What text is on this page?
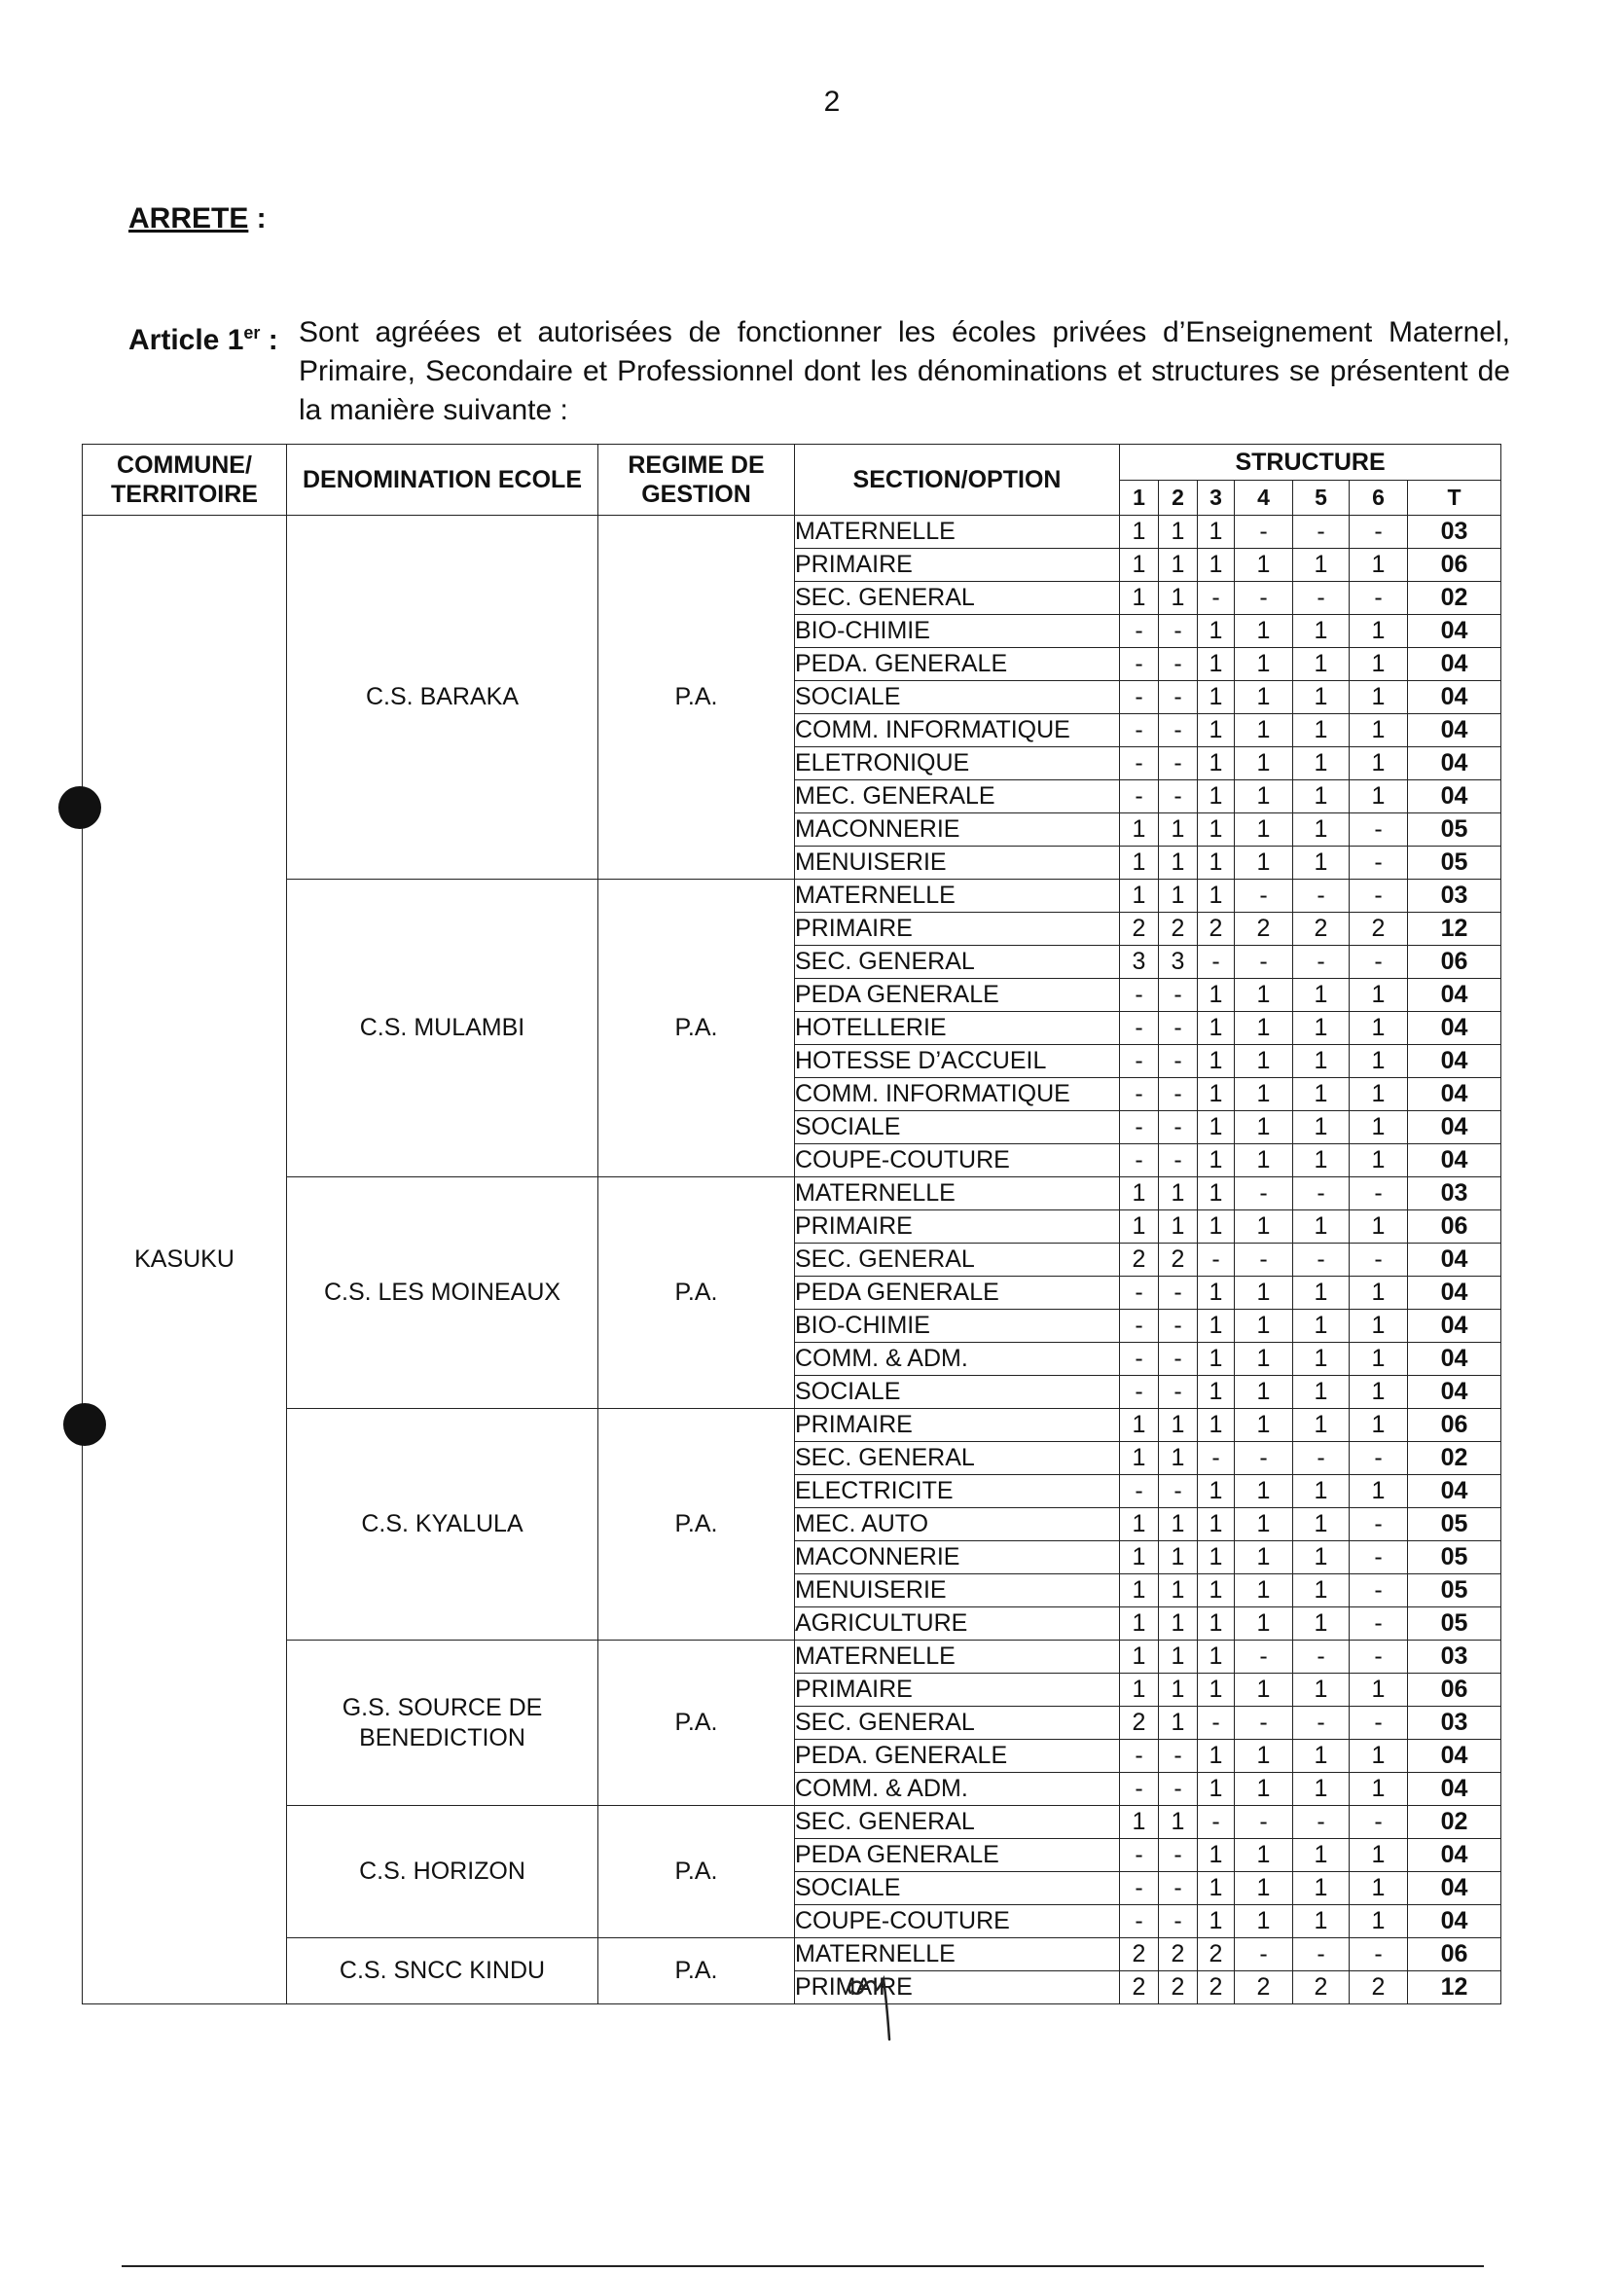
2
ARRETE :
Article 1er : Sont agréées et autorisées de fonctionner les écoles privées d’Enseignement Maternel, Primaire, Secondaire et Professionnel dont les dénominations et structures se présentent de la manière suivante :
COMMUNE/ TERRITOIRE	DENOMINATION ECOLE	REGIME DE GESTION	SECTION/OPTION	STRUCTURE						
				1	2	3	4	5	6	T
KASUKU	C.S. BARAKA	P.A.	MATERNELLE	1	1	1	-	-	-	03
			PRIMAIRE	1	1	1	1	1	1	06
			SEC. GENERAL	1	1	-	-	-	-	02
			BIO-CHIMIE	-	-	1	1	1	1	04
			PEDA. GENERALE	-	-	1	1	1	1	04
			SOCIALE	-	-	1	1	1	1	04
			COMM. INFORMATIQUE	-	-	1	1	1	1	04
			ELETRONIQUE	-	-	1	1	1	1	04
			MEC. GENERALE	-	-	1	1	1	1	04
			MACONNERIE	1	1	1	1	1	-	05
			MENUISERIE	1	1	1	1	1	-	05
	C.S. MULAMBI	P.A.	MATERNELLE	1	1	1	-	-	-	03
			PRIMAIRE	2	2	2	2	2	2	12
			SEC. GENERAL	3	3	-	-	-	-	06
			PEDA GENERALE	-	-	1	1	1	1	04
			HOTELLERIE	-	-	1	1	1	1	04
			HOTESSE D’ACCUEIL	-	-	1	1	1	1	04
			COMM. INFORMATIQUE	-	-	1	1	1	1	04
			SOCIALE	-	-	1	1	1	1	04
			COUPE-COUTURE	-	-	1	1	1	1	04
	C.S. LES MOINEAUX	P.A.	MATERNELLE	1	1	1	-	-	-	03
			PRIMAIRE	1	1	1	1	1	1	06
			SEC. GENERAL	2	2	-	-	-	-	04
			PEDA GENERALE	-	-	1	1	1	1	04
			BIO-CHIMIE	-	-	1	1	1	1	04
			COMM. & ADM.	-	-	1	1	1	1	04
			SOCIALE	-	-	1	1	1	1	04
	C.S. KYALULA	P.A.	PRIMAIRE	1	1	1	1	1	1	06
			SEC. GENERAL	1	1	-	-	-	-	02
			ELECTRICITE	-	-	1	1	1	1	04
			MEC. AUTO	1	1	1	1	1	-	05
			MACONNERIE	1	1	1	1	1	-	05
			MENUISERIE	1	1	1	1	1	-	05
			AGRICULTURE	1	1	1	1	1	-	05
	G.S. SOURCE DE BENEDICTION	P.A.	MATERNELLE	1	1	1	-	-	-	03
			PRIMAIRE	1	1	1	1	1	1	06
			SEC. GENERAL	2	1	-	-	-	-	03
			PEDA. GENERALE	-	-	1	1	1	1	04
			COMM. & ADM.	-	-	1	1	1	1	04
	C.S. HORIZON	P.A.	SEC. GENERAL	1	1	-	-	-	-	02
			PEDA GENERALE	-	-	1	1	1	1	04
			SOCIALE	-	-	1	1	1	1	04
			COUPE-COUTURE	-	-	1	1	1	1	04
	C.S. SNCC KINDU	P.A.	MATERNELLE	2	2	2	-	-	-	06
			PRIMAIRE	2	2	2	2	2	2	12
